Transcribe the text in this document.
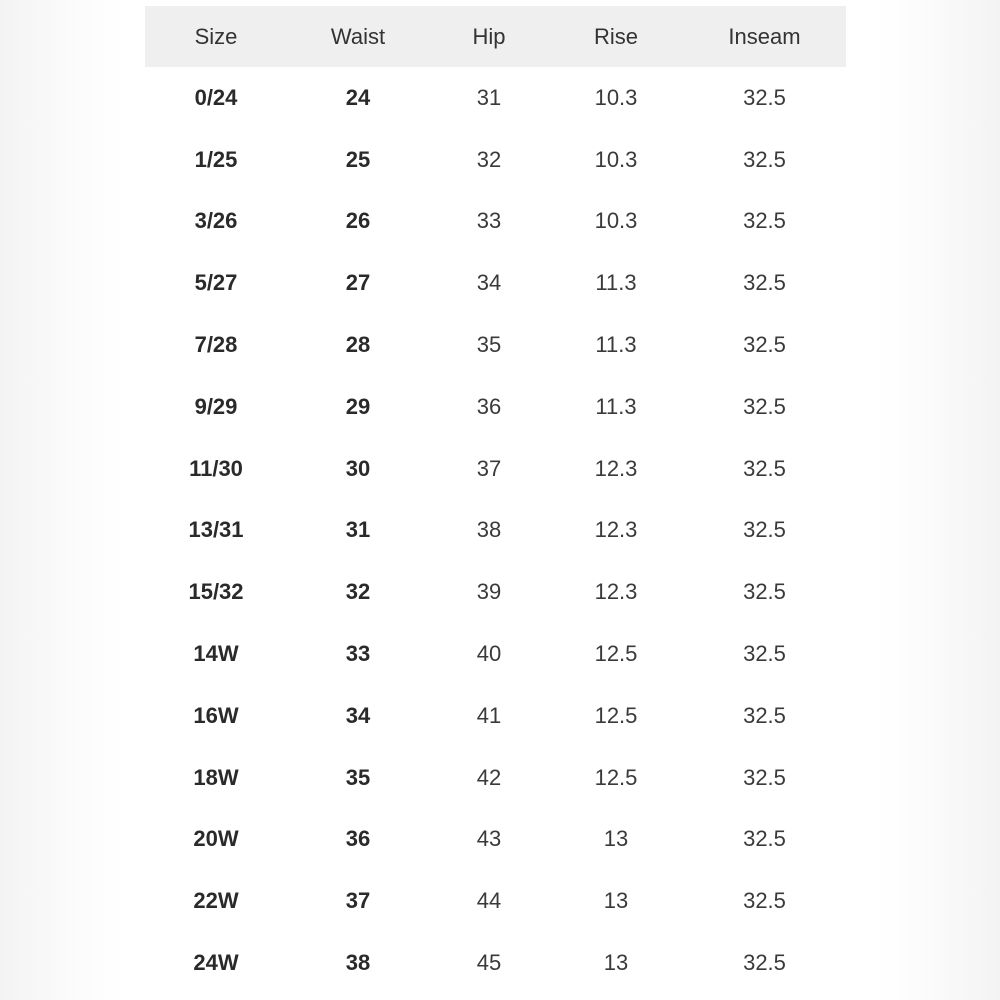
Size	Waist	Hip	Rise	Inseam
0/24	24	31	10.3	32.5
1/25	25	32	10.3	32.5
3/26	26	33	10.3	32.5
5/27	27	34	11.3	32.5
7/28	28	35	11.3	32.5
9/29	29	36	11.3	32.5
11/30	30	37	12.3	32.5
13/31	31	38	12.3	32.5
15/32	32	39	12.3	32.5
14W	33	40	12.5	32.5
16W	34	41	12.5	32.5
18W	35	42	12.5	32.5
20W	36	43	13	32.5
22W	37	44	13	32.5
24W	38	45	13	32.5
